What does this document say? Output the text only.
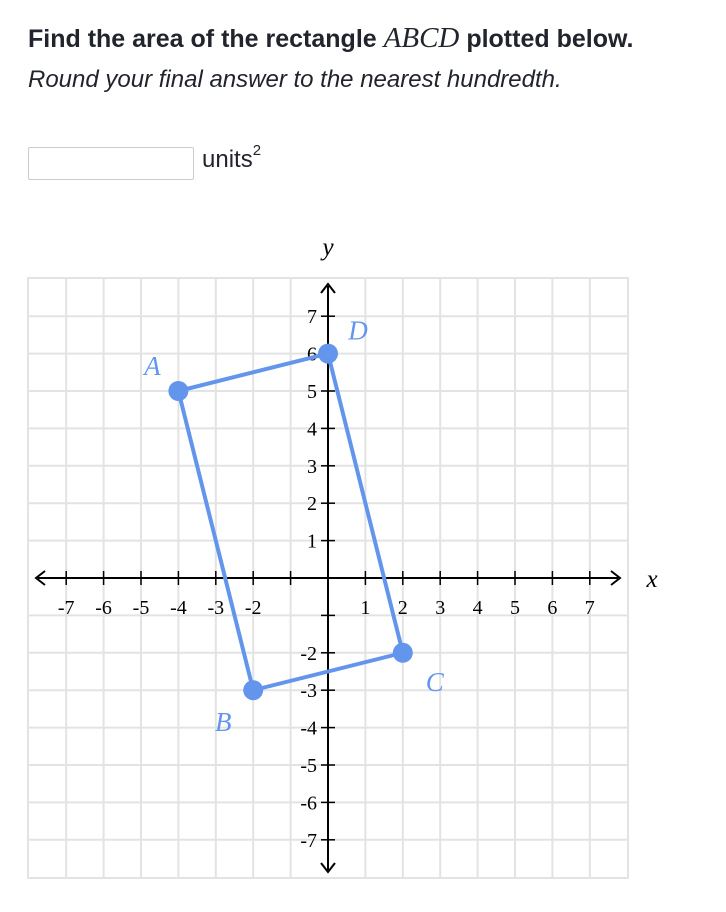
Find the area of the rectangle ABCD plotted below.
Round your final answer to the nearest hundredth.
units$^2$
-7 -6 -5 -4 -3 -2	1 2 3 4 5 6 7
-7
-6
-5
-4
-3
-2
1
2
3
4
5
6
7
x
y
A
B
C
D
